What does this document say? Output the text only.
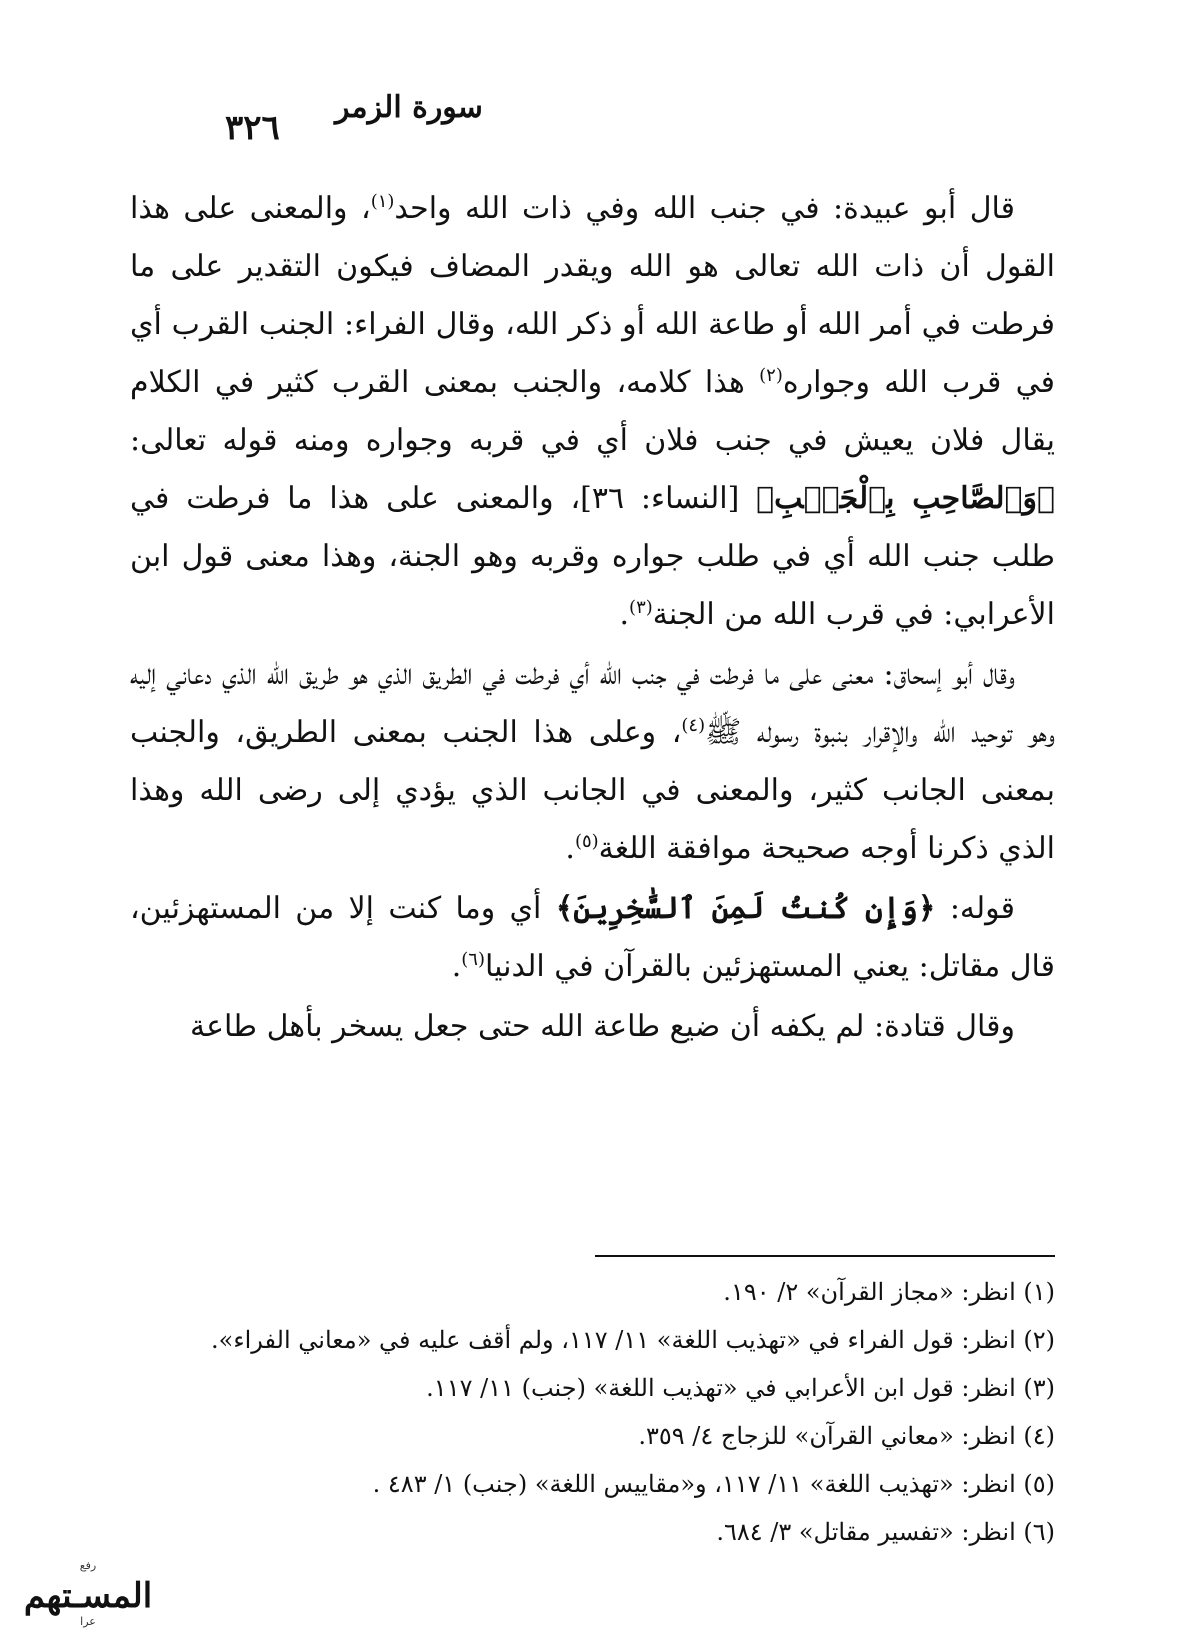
سورة الزمر
٣٢٦

قال أبو عبيدة: في جنب الله وفي ذات الله واحد$^{(١)}$، والمعنى على هذا القول أن ذات الله تعالى هو الله ويقدر المضاف فيكون التقدير على ما فرطت في أمر الله أو طاعة الله أو ذكر الله، وقال الفراء: الجنب القرب أي في قرب الله وجواره$^{(٢)}$ هذا كلامه، والجنب بمعنى القرب كثير في الكلام يقال فلان يعيش في جنب فلان أي في قربه وجواره ومنه قوله تعالى: ﴿وَٱلصَّاحِبِ بِٱلْجَنۢبِ﴾ [النساء: ٣٦]، والمعنى على هذا ما فرطت في طلب جنب الله أي في طلب جواره وقربه وهو الجنة، وهذا معنى قول ابن الأعرابي: في قرب الله من الجنة$^{(٣)}$.

وقال أبو إسحاق: معنى على ما فرطت في جنب الله أي فرطت في الطريق الذي هو طريق الله الذي دعاني إليه وهو توحيد الله والإقرار بنبوة رسوله ﷺ$^{(٤)}$، وعلى هذا الجنب بمعنى الطريق، والجنب بمعنى الجانب كثير، والمعنى في الجانب الذي يؤدي إلى رضى الله وهذا الذي ذكرنا أوجه صحيحة موافقة اللغة$^{(٥)}$.

قوله: ﴿وَإِن كُنتُ لَمِنَ ٱلسَّٰخِرِينَ﴾ أي وما كنت إلا من المستهزئين، قال مقاتل: يعني المستهزئين بالقرآن في الدنيا$^{(٦)}$.

وقال قتادة: لم يكفه أن ضيع طاعة الله حتى جعل يسخر بأهل طاعة

(١) انظر: «مجاز القرآن» ٢/ ١٩٠.
(٢) انظر: قول الفراء في «تهذيب اللغة» ١١/ ١١٧، ولم أقف عليه في «معاني الفراء».
(٣) انظر: قول ابن الأعرابي في «تهذيب اللغة» (جنب) ١١/ ١١٧.
(٤) انظر: «معاني القرآن» للزجاج ٤/ ٣٥٩.
(٥) انظر: «تهذيب اللغة» ١١/ ١١٧، و«مقاييس اللغة» (جنب) ١/ ٤٨٣ .
(٦) انظر: «تفسير مقاتل» ٣/ ٦٨٤.
رفع
المسـتهم
عرا
